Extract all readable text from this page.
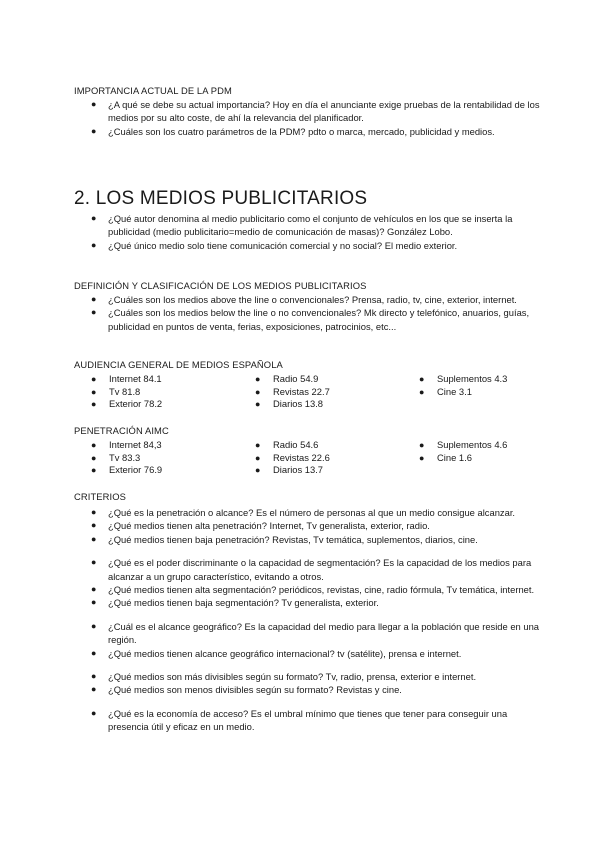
IMPORTANCIA ACTUAL DE LA PDM
● ¿A qué se debe su actual importancia? Hoy en día el anunciante exige pruebas de la rentabilidad de los medios por su alto coste, de ahí la relevancia del planificador.
● ¿Cuáles son los cuatro parámetros de la PDM? pdto o marca, mercado, publicidad y medios.
2. LOS MEDIOS PUBLICITARIOS
● ¿Qué autor denomina al medio publicitario como el conjunto de vehículos en los que se inserta la publicidad (medio publicitario=medio de comunicación de masas)? González Lobo.
● ¿Qué único medio solo tiene comunicación comercial y no social? El medio exterior.
DEFINICIÓN Y CLASIFICACIÓN DE LOS MEDIOS PUBLICITARIOS
● ¿Cuáles son los medios above the line o convencionales? Prensa, radio, tv, cine, exterior, internet.
● ¿Cuáles son los medios below the line o no convencionales? Mk directo y telefónico, anuarios, guías, publicidad en puntos de venta, ferias, exposiciones, patrocinios, etc...
AUDIENCIA GENERAL DE MEDIOS ESPAÑOLA
● Internet 84.1
● Tv 81.8
● Exterior 78.2
● Radio 54.9
● Revistas 22.7
● Diarios 13.8
● Suplementos 4.3
● Cine 3.1
PENETRACIÓN AIMC
● Internet 84,3
● Tv 83.3
● Exterior 76.9
● Radio 54.6
● Revistas 22.6
● Diarios 13.7
● Suplementos 4.6
● Cine 1.6
CRITERIOS
● ¿Qué es la penetración o alcance? Es el número de personas al que un medio consigue alcanzar.
● ¿Qué medios tienen alta penetración? Internet, Tv generalista, exterior, radio.
● ¿Qué medios tienen baja penetración? Revistas, Tv temática, suplementos, diarios, cine.
● ¿Qué es el poder discriminante o la capacidad de segmentación? Es la capacidad de los medios para alcanzar a un grupo característico, evitando a otros.
● ¿Qué medios tienen alta segmentación? periódicos, revistas, cine, radio fórmula, Tv temática, internet.
● ¿Qué medios tienen baja segmentación? Tv generalista, exterior.
● ¿Cuál es el alcance geográfico? Es la capacidad del medio para llegar a la población que reside en una región.
● ¿Qué medios tienen alcance geográfico internacional? tv (satélite), prensa e internet.
● ¿Qué medios son más divisibles según su formato? Tv, radio, prensa, exterior e internet.
● ¿Qué medios son menos divisibles según su formato? Revistas y cine.
● ¿Qué es la economía de acceso? Es el umbral mínimo que tienes que tener para conseguir una presencia útil y eficaz en un medio.
